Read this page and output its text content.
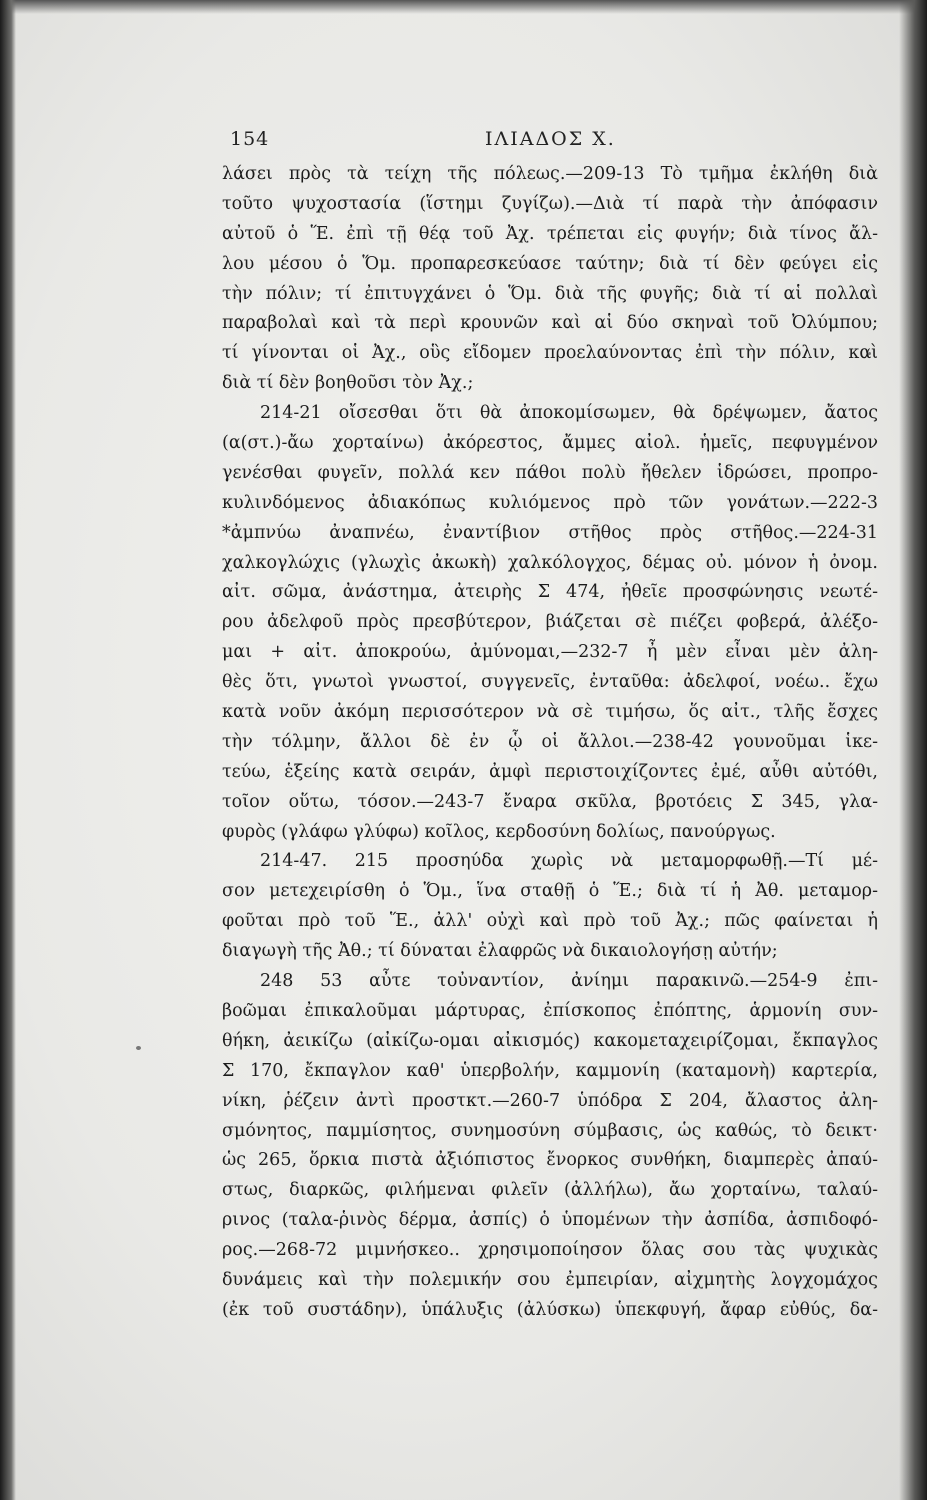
154	ΙΛΙΑΔΟΣ Χ.
λάσει πρὸς τὰ τείχη τῆς πόλεως.—209-13 Τὸ τμῆμα ἐκλήθη διὰ
τοῦτο ψυχοστασία (ἵστημι ζυγίζω).—Διὰ τί παρὰ τὴν ἀπόφασιν
αὐτοῦ ὁ Ἕ. ἐπὶ τῇ θέᾳ τοῦ Ἀχ. τρέπεται εἰς φυγήν; διὰ τίνος ἄλ-
λου μέσου ὁ Ὅμ. προπαρεσκεύασε ταύτην; διὰ τί δὲν φεύγει εἰς
τὴν πόλιν; τί ἐπιτυγχάνει ὁ Ὅμ. διὰ τῆς φυγῆς; διὰ τί αἱ πολλαὶ
παραβολαὶ καὶ τὰ περὶ κρουνῶν καὶ αἱ δύο σκηναὶ τοῦ Ὀλύμπου;
τί γίνονται οἱ Ἀχ., οὓς εἴδομεν προελαύνοντας ἐπὶ τὴν πόλιν, καὶ
διὰ τί δὲν βοηθοῦσι τὸν Ἀχ.;
214-21 οἴσεσθαι ὅτι θὰ ἀποκομίσωμεν, θὰ δρέψωμεν, ἄατος
(α(στ.)-ἄω χορταίνω) ἀκόρεστος, ἄμμες αἰολ. ἡμεῖς, πεφυγμένον
γενέσθαι φυγεῖν, πολλά κεν πάθοι πολὺ ἤθελεν ἱδρώσει, προπρο-
κυλινδόμενος ἀδιακόπως κυλιόμενος πρὸ τῶν γονάτων.—222-3
*ἀμπνύω ἀναπνέω, ἐναντίβιον στῆθος πρὸς στῆθος.—224-31
χαλκογλώχις (γλωχὶς ἀκωκὴ) χαλκόλογχος, δέμας οὐ. μόνον ἡ ὀνομ.
αἰτ. σῶμα, ἀνάστημα, ἀτειρὴς Σ 474, ἠθεῖε προσφώνησις νεωτέ-
ρου ἀδελφοῦ πρὸς πρεσβύτερον, βιάζεται σὲ πιέζει φοβερά, ἀλέξο-
μαι + αἰτ. ἀποκρούω, ἀμύνομαι,—232-7 ἦ μὲν εἶναι μὲν ἀλη-
θὲς ὅτι, γνωτοὶ γνωστοί, συγγενεῖς, ἐνταῦθα: ἀδελφοί, νοέω.. ἔχω
κατὰ νοῦν ἀκόμη περισσότερον νὰ σὲ τιμήσω, ὅς αἰτ., τλῆς ἔσχες
τὴν τόλμην, ἄλλοι δὲ ἐν ᾧ οἱ ἄλλοι.—238-42 γουνοῦμαι ἱκε-
τεύω, ἑξείης κατὰ σειράν, ἀμφὶ περιστοιχίζοντες ἐμέ, αὖθι αὐτόθι,
τοῖον οὕτω, τόσον.—243-7 ἔναρα σκῦλα, βροτόεις Σ 345, γλα-
φυρὸς (γλάφω γλύφω) κοῖλος, κερδοσύνη δολίως, πανούργως.
214-47. 215 προσηύδα χωρὶς νὰ μεταμορφωθῇ.—Τί μέ-
σον μετεχειρίσθη ὁ Ὅμ., ἵνα σταθῇ ὁ Ἕ.; διὰ τί ἡ Ἀθ. μεταμορ-
φοῦται πρὸ τοῦ Ἕ., ἀλλ' οὐχὶ καὶ πρὸ τοῦ Ἀχ.; πῶς φαίνεται ἡ
διαγωγὴ τῆς Ἀθ.; τί δύναται ἐλαφρῶς νὰ δικαιολογήσῃ αὐτήν;
248 53 αὖτε τοὐναντίον, ἀνίημι παρακινῶ.—254-9 ἐπι-
βοῶμαι ἐπικαλοῦμαι μάρτυρας, ἐπίσκοπος ἐπόπτης, ἁρμονίη συν-
θήκη, ἀεικίζω (αἰκίζω-ομαι αἰκισμός) κακομεταχειρίζομαι, ἔκπαγλος
Σ 170, ἔκπαγλον καθ' ὑπερβολήν, καμμονίη (καταμονὴ) καρτερία,
νίκη, ῥέζειν ἀντὶ προστκτ.—260-7 ὑπόδρα Σ 204, ἄλαστος ἀλη-
σμόνητος, παμμίσητος, συνημοσύνη σύμβασις, ὡς καθώς, τὸ δεικτ·
ὡς 265, ὅρκια πιστὰ ἀξιόπιστος ἔνορκος συνθήκη, διαμπερὲς ἀπαύ-
στως, διαρκῶς, φιλήμεναι φιλεῖν (ἀλλήλω), ἄω χορταίνω, ταλαύ-
ρινος (ταλα-ῥινὸς δέρμα, ἀσπίς) ὁ ὑπομένων τὴν ἀσπίδα, ἀσπιδοφό-
ρος.—268-72 μιμνήσκεο.. χρησιμοποίησον ὅλας σου τὰς ψυχικὰς
δυνάμεις καὶ τὴν πολεμικήν σου ἐμπειρίαν, αἰχμητὴς λογχομάχος
(ἐκ τοῦ συστάδην), ὑπάλυξις (ἀλύσκω) ὑπεκφυγή, ἄφαρ εὐθύς, δα-
